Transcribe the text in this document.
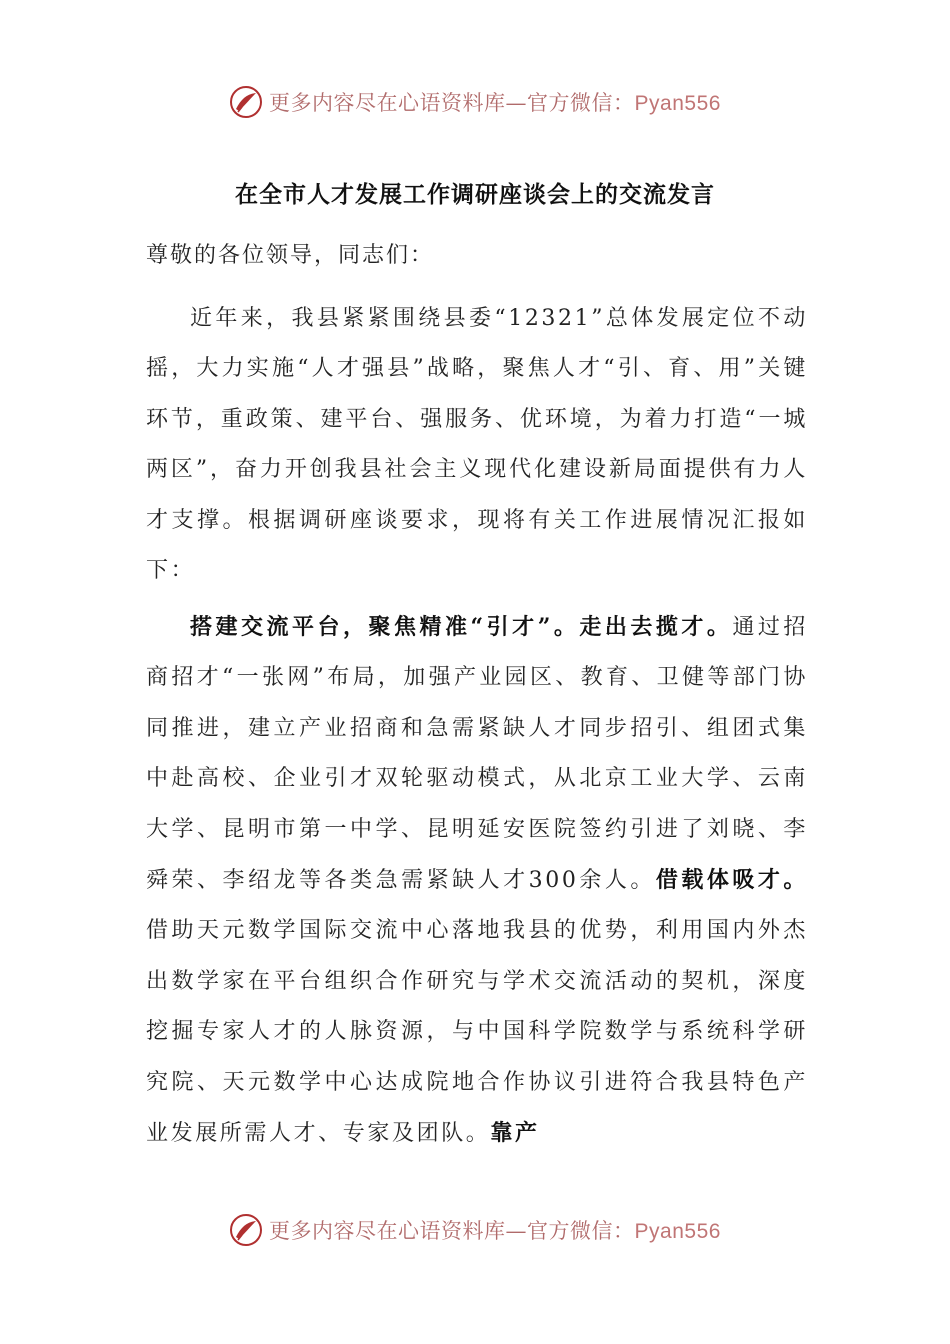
更多内容尽在心语资料库—官方微信：Pyan556
在全市人才发展工作调研座谈会上的交流发言
尊敬的各位领导，同志们：

近年来，我县紧紧围绕县委“12321”总体发展定位不动摇，大力实施“人才强县”战略，聚焦人才“引、育、用”关键环节，重政策、建平台、强服务、优环境，为着力打造“一城两区”，奋力开创我县社会主义现代化建设新局面提供有力人才支撑。根据调研座谈要求，现将有关工作进展情况汇报如下：

搭建交流平台，聚焦精准“引才”。走出去揽才。通过招商招才“一张网”布局，加强产业园区、教育、卫健等部门协同推进，建立产业招商和急需紧缺人才同步招引、组团式集中赴高校、企业引才双轮驱动模式，从北京工业大学、云南大学、昆明市第一中学、昆明延安医院签约引进了刘晓、李舜荣、李绍龙等各类急需紧缺人才300余人。借载体吸才。借助天元数学国际交流中心落地我县的优势，利用国内外杰出数学家在平台组织合作研究与学术交流活动的契机，深度挖掘专家人才的人脉资源，与中国科学院数学与系统科学研究院、天元数学中心达成院地合作协议引进符合我县特色产业发展所需人才、专家及团队。靠产

更多内容尽在心语资料库—官方微信：Pyan556
